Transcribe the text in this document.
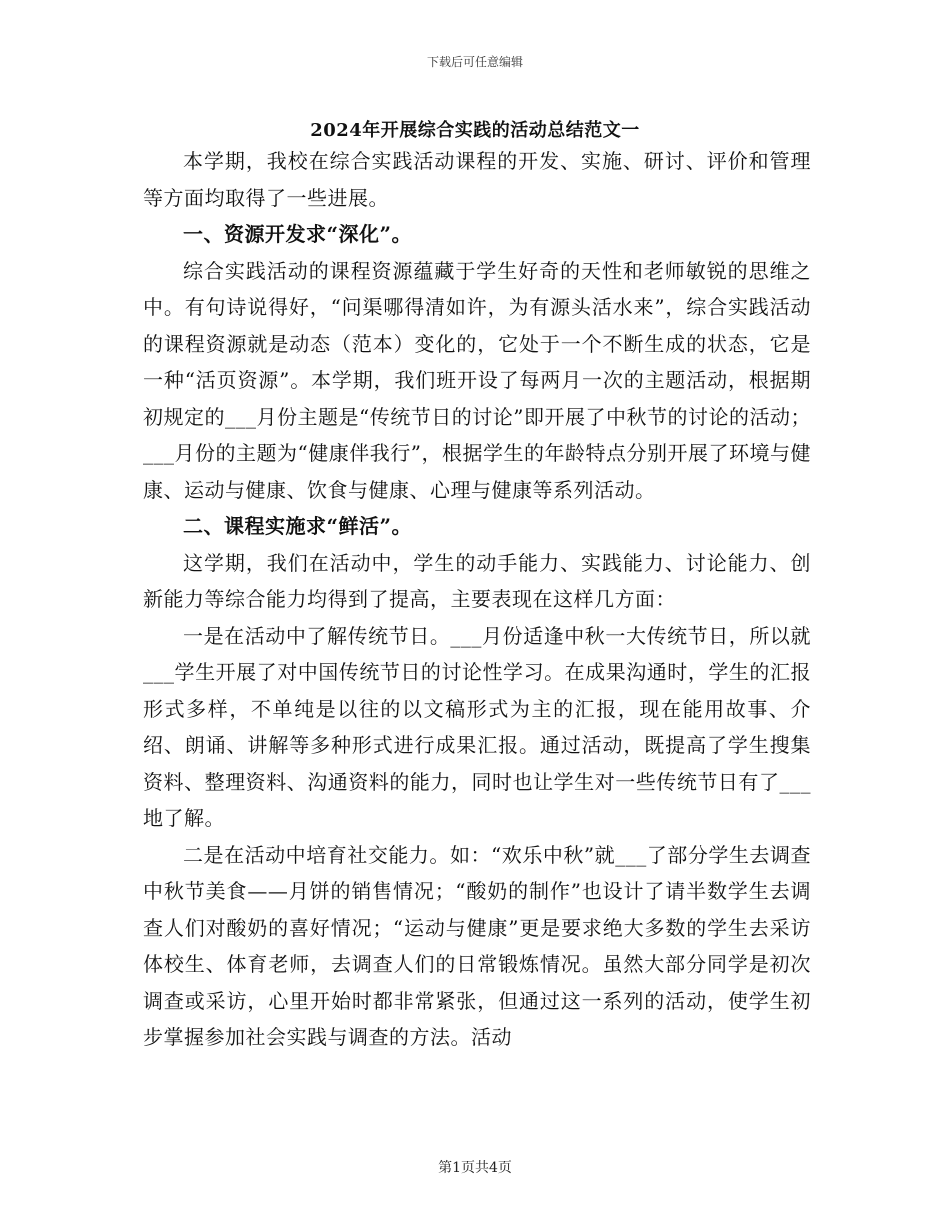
下载后可任意编辑
2024年开展综合实践的活动总结范文一

本学期，我校在综合实践活动课程的开发、实施、研讨、评价和管理等方面均取得了一些进展。

一、资源开发求“深化”。

综合实践活动的课程资源蕴藏于学生好奇的天性和老师敏锐的思维之中。有句诗说得好，“问渠哪得清如许，为有源头活水来”，综合实践活动的课程资源就是动态（范本）变化的，它处于一个不断生成的状态，它是一种“活页资源”。本学期，我们班开设了每两月一次的主题活动，根据期初规定的___月份主题是“传统节日的讨论”即开展了中秋节的讨论的活动；___月份的主题为“健康伴我行”，根据学生的年龄特点分别开展了环境与健康、运动与健康、饮食与健康、心理与健康等系列活动。

二、课程实施求“鲜活”。

这学期，我们在活动中，学生的动手能力、实践能力、讨论能力、创新能力等综合能力均得到了提高，主要表现在这样几方面：

一是在活动中了解传统节日。___月份适逢中秋一大传统节日，所以就___学生开展了对中国传统节日的讨论性学习。在成果沟通时，学生的汇报形式多样，不单纯是以往的以文稿形式为主的汇报，现在能用故事、介绍、朗诵、讲解等多种形式进行成果汇报。通过活动，既提高了学生搜集资料、整理资料、沟通资料的能力，同时也让学生对一些传统节日有了___地了解。

二是在活动中培育社交能力。如：“欢乐中秋”就___了部分学生去调查中秋节美食——月饼的销售情况；“酸奶的制作”也设计了请半数学生去调查人们对酸奶的喜好情况；“运动与健康”更是要求绝大多数的学生去采访体校生、体育老师，去调查人们的日常锻炼情况。虽然大部分同学是初次调查或采访，心里开始时都非常紧张，但通过这一系列的活动，使学生初步掌握参加社会实践与调查的方法。活动

第1页共4页
